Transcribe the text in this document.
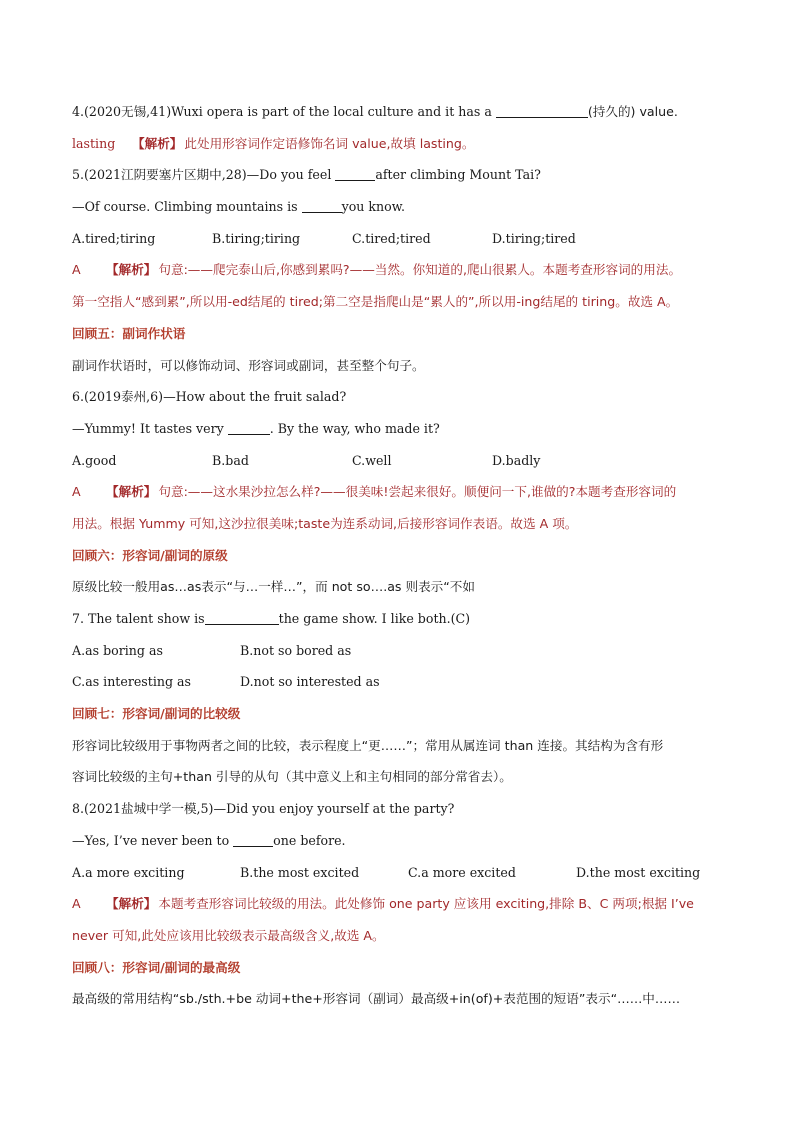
4.(2020无锡,41)Wuxi opera is part of the local culture and it has a	(持久的) value.
lasting 【解析】 此处用形容词作定语修饰名词 value,故填 lasting。
5.(2021江阴要塞片区期中,28)—Do you feel	after climbing Mount Tai?
—Of course. Climbing mountains is	you know.
A.tired;tiring	B.tiring;tiring	C.tired;tired	D.tiring;tired
A 【解析】 句意:——爬完泰山后,你感到累吗?——当然。你知道的,爬山很累人。本题考查形容词的用法。
第一空指人“感到累”,所以用-ed结尾的 tired;第二空是指爬山是“累人的”,所以用-ing结尾的 tiring。故选 A。
回顾五：副词作状语
副词作状语时，可以修饰动词、形容词或副词，甚至整个句子。
6.(2019泰州,6)—How about the fruit salad?
—Yummy! It tastes very	. By the way, who made it?
A.good	B.bad	C.well	D.badly
A 【解析】 句意:——这水果沙拉怎么样?——很美味!尝起来很好。顺便问一下,谁做的?本题考查形容词的
用法。根据 Yummy 可知,这沙拉很美味;taste为连系动词,后接形容词作表语。故选 A 项。
回顾六：形容词/副词的原级
原级比较一般用as…as表示“与…一样…”，而 not so….as 则表示“不如
7. The talent show is	the game show. I like both.(C)
A.as boring as	B.not so bored as
C.as interesting as	D.not so interested as
回顾七：形容词/副词的比较级
形容词比较级用于事物两者之间的比较，表示程度上“更……”；常用从属连词 than 连接。其结构为含有形
容词比较级的主句+than 引导的从句（其中意义上和主句相同的部分常省去）。
8.(2021盐城中学一模,5)—Did you enjoy yourself at the party?
—Yes, I’ve never been to	one before.
A.a more exciting	B.the most excited	C.a more excited	D.the most exciting
A 【解析】 本题考查形容词比较级的用法。此处修饰 one party 应该用 exciting,排除 B、C 两项;根据 I’ve
never 可知,此处应该用比较级表示最高级含义,故选 A。
回顾八：形容词/副词的最高级
最高级的常用结构“sb./sth.+be 动词+the+形容词（副词）最高级+in(of)+表范围的短语”表示“……中……
